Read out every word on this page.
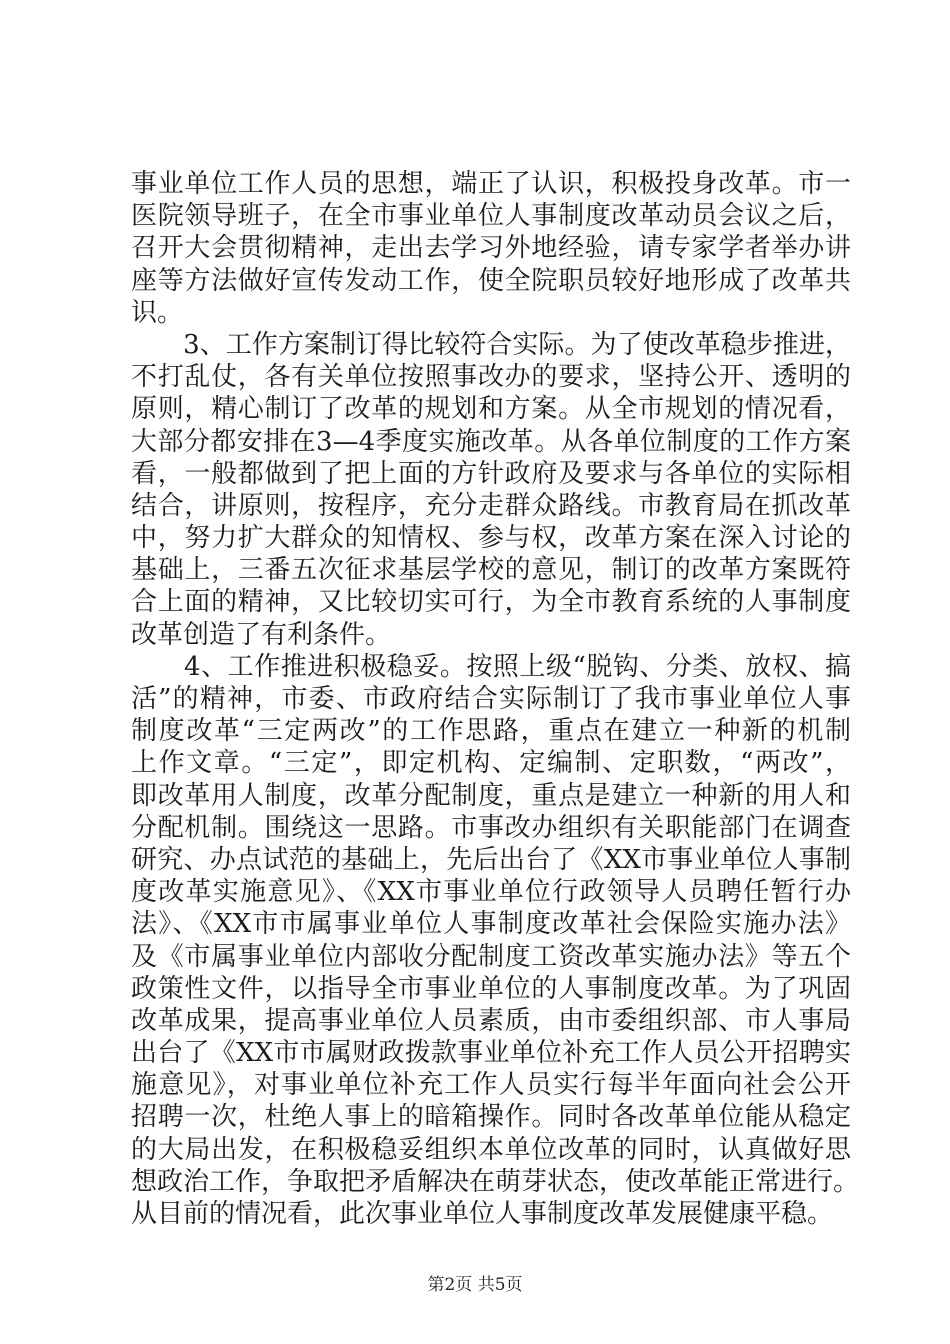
事业单位工作人员的思想，端正了认识，积极投身改革。市一
医院领导班子，在全市事业单位人事制度改革动员会议之后，
召开大会贯彻精神，走出去学习外地经验，请专家学者举办讲
座等方法做好宣传发动工作，使全院职员较好地形成了改革共
识。
　　3、工作方案制订得比较符合实际。为了使改革稳步推进，
不打乱仗，各有关单位按照事改办的要求，坚持公开、透明的
原则，精心制订了改革的规划和方案。从全市规划的情况看，
大部分都安排在3—4季度实施改革。从各单位制度的工作方案
看，一般都做到了把上面的方针政府及要求与各单位的实际相
结合，讲原则，按程序，充分走群众路线。市教育局在抓改革
中，努力扩大群众的知情权、参与权，改革方案在深入讨论的
基础上，三番五次征求基层学校的意见，制订的改革方案既符
合上面的精神，又比较切实可行，为全市教育系统的人事制度
改革创造了有利条件。
　　4、工作推进积极稳妥。按照上级“脱钩、分类、放权、搞
活”的精神，市委、市政府结合实际制订了我市事业单位人事
制度改革“三定两改”的工作思路，重点在建立一种新的机制
上作文章。“三定”，即定机构、定编制、定职数，“两改”，
即改革用人制度，改革分配制度，重点是建立一种新的用人和
分配机制。围绕这一思路。市事改办组织有关职能部门在调查
研究、办点试范的基础上，先后出台了《XX市事业单位人事制
度改革实施意见》、《XX市事业单位行政领导人员聘任暂行办
法》、《XX市市属事业单位人事制度改革社会保险实施办法》
及《市属事业单位内部收分配制度工资改革实施办法》等五个
政策性文件，以指导全市事业单位的人事制度改革。为了巩固
改革成果，提高事业单位人员素质，由市委组织部、市人事局
出台了《XX市市属财政拨款事业单位补充工作人员公开招聘实
施意见》，对事业单位补充工作人员实行每半年面向社会公开
招聘一次，杜绝人事上的暗箱操作。同时各改革单位能从稳定
的大局出发，在积极稳妥组织本单位改革的同时，认真做好思
想政治工作，争取把矛盾解决在萌芽状态，使改革能正常进行。
从目前的情况看，此次事业单位人事制度改革发展健康平稳。
第2页 共5页
